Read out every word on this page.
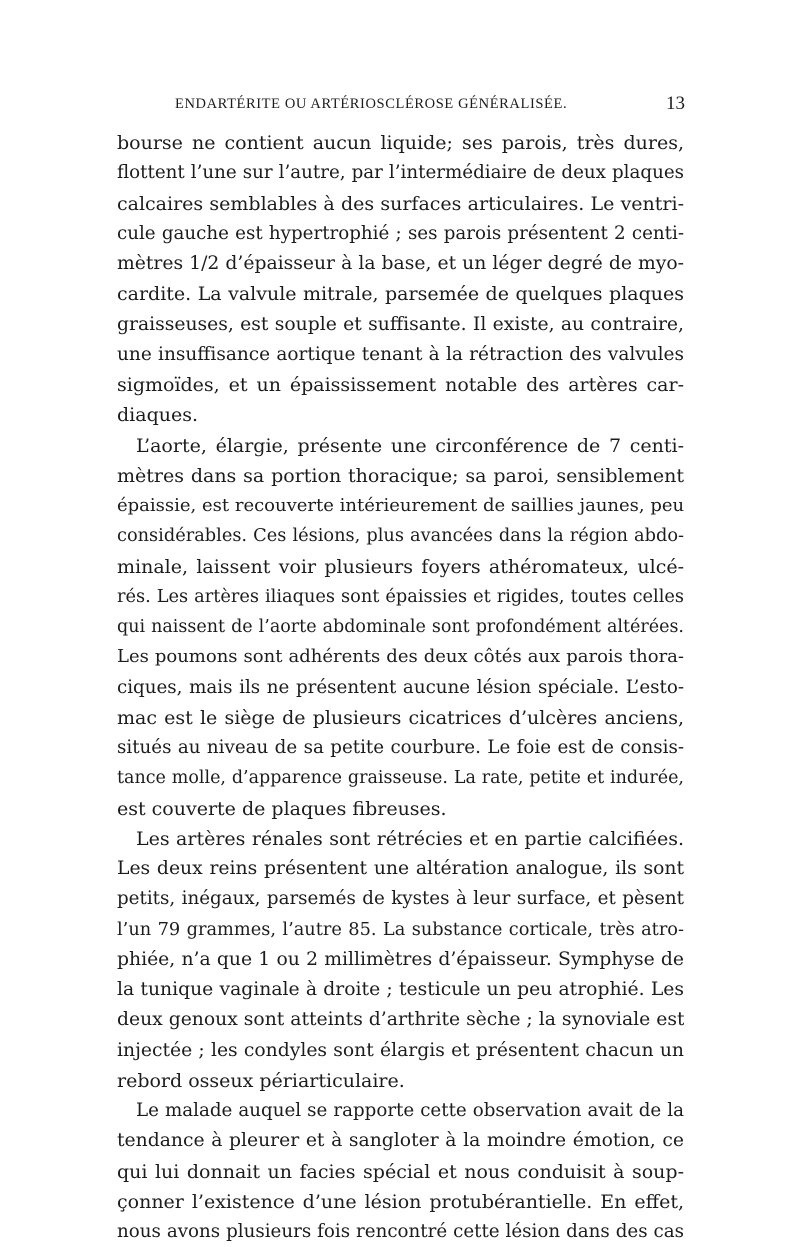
ENDARTÉRITE OU ARTÉRIOSCLÉROSE GÉNÉRALISÉE.	13
bourse ne contient aucun liquide; ses parois, très dures,
flottent l’une sur l’autre, par l’intermédiaire de deux plaques
calcaires semblables à des surfaces articulaires. Le ventri-
cule gauche est hypertrophié ; ses parois présentent 2 centi-
mètres 1/2 d’épaisseur à la base, et un léger degré de myo-
cardite. La valvule mitrale, parsemée de quelques plaques
graisseuses, est souple et suffisante. Il existe, au contraire,
une insuffisance aortique tenant à la rétraction des valvules
sigmoïdes, et un épaississement notable des artères car-
diaques.
L’aorte, élargie, présente une circonférence de 7 centi-
mètres dans sa portion thoracique; sa paroi, sensiblement
épaissie, est recouverte intérieurement de saillies jaunes, peu
considérables. Ces lésions, plus avancées dans la région abdo-
minale, laissent voir plusieurs foyers athéromateux, ulcé-
rés. Les artères iliaques sont épaissies et rigides, toutes celles
qui naissent de l’aorte abdominale sont profondément altérées.
Les poumons sont adhérents des deux côtés aux parois thora-
ciques, mais ils ne présentent aucune lésion spéciale. L’esto-
mac est le siège de plusieurs cicatrices d’ulcères anciens,
situés au niveau de sa petite courbure. Le foie est de consis-
tance molle, d’apparence graisseuse. La rate, petite et indurée,
est couverte de plaques fibreuses.
Les artères rénales sont rétrécies et en partie calcifiées.
Les deux reins présentent une altération analogue, ils sont
petits, inégaux, parsemés de kystes à leur surface, et pèsent
l’un 79 grammes, l’autre 85. La substance corticale, très atro-
phiée, n’a que 1 ou 2 millimètres d’épaisseur. Symphyse de
la tunique vaginale à droite ; testicule un peu atrophié. Les
deux genoux sont atteints d’arthrite sèche ; la synoviale est
injectée ; les condyles sont élargis et présentent chacun un
rebord osseux périarticulaire.
Le malade auquel se rapporte cette observation avait de la
tendance à pleurer et à sangloter à la moindre émotion, ce
qui lui donnait un facies spécial et nous conduisit à soup-
çonner l’existence d’une lésion protubérantielle. En effet,
nous avons plusieurs fois rencontré cette lésion dans des cas
